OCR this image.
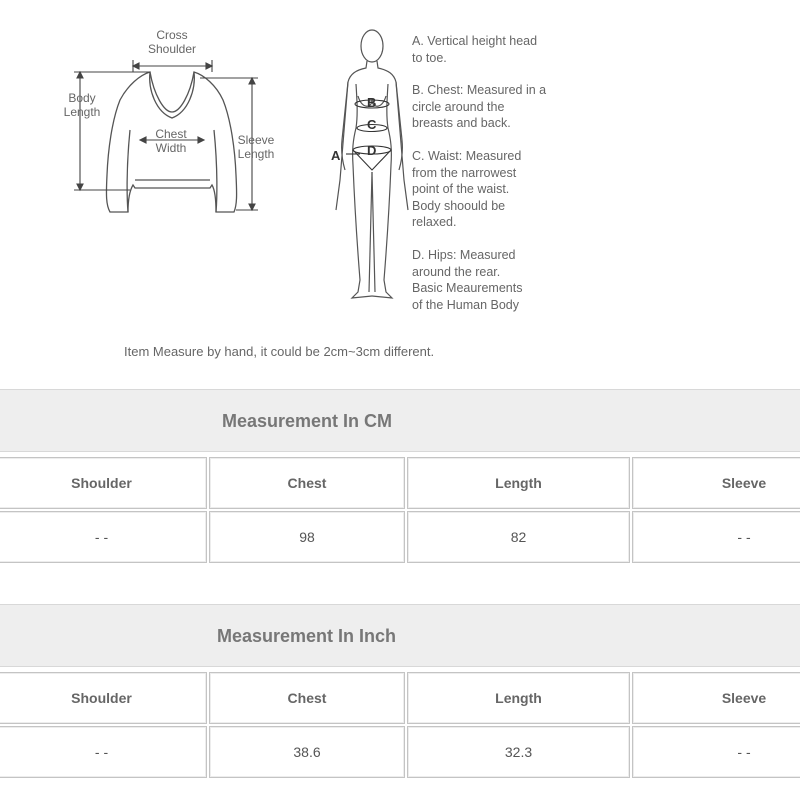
Cross
Shoulder
Body
Length
Chest
Width
Sleeve
Length	A
B
C
D
A. Vertical height head
to toe.
B. Chest: Measured in a
circle around the
breasts and back.
C. Waist: Measured
from the narrowest
point of the waist.
Body shoould be
relaxed.
D. Hips: Measured
around the rear.
Basic Meaurements
of the Human Body
Item Measure by hand, it could be 2cm~3cm different.
Measurement In CM
Shoulder	Chest	Length	Sleeve
- -	98	82	- -
Measurement In Inch
Shoulder	Chest	Length	Sleeve
- -	38.6	32.3	- -
